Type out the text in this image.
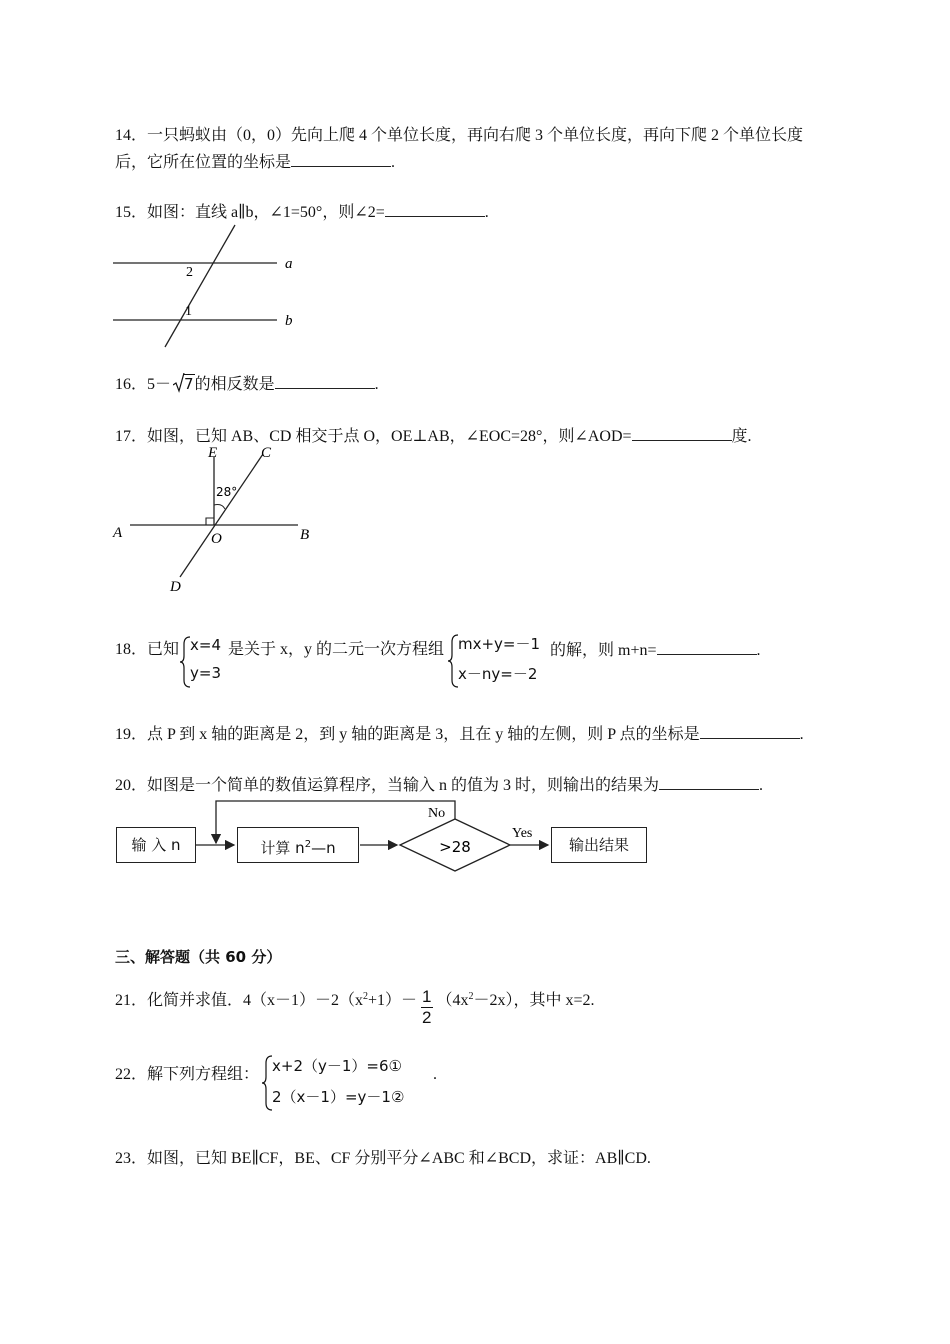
14．一只蚂蚁由（0，0）先向上爬 4 个单位长度，再向右爬 3 个单位长度，再向下爬 2 个单位长度
后，它所在位置的坐标是	.
15．如图：直线 a∥b，∠1=50°，则∠2=	.
a
b
2
1
16．5－ 7的相反数是	.
17．如图，已知 AB、CD 相交于点 O，OE⊥AB，∠EOC=28°，则∠AOD=	度.
E	C
A	O	B
D
28°
18．已知 x=4
y=3
是关于 x，y 的二元一次方程组 mx+y=－1
x－ny=－2
的解，则 m+n=	.
19．点 P 到 x 轴的距离是 2，到 y 轴的距离是 3，且在 y 轴的左侧，则 P 点的坐标是	.
20．如图是一个简单的数值运算程序，当输入 n 的值为 3 时，则输出的结果为	.
>28
No
Yes
输 入 n	计算 $n^2—n$	输出结果
三、解答题（共 60 分）
21．化简并求值．$4(x-1)-2(x^2+1)- \frac{1}{2} (4x^2-2x)$，其中 x=2.
22．解下列方程组： x+2（y－1）=6①
2（x－1）=y－1②
.
23．如图，已知 BE∥CF，BE、CF 分别平分∠ABC 和∠BCD，求证：AB∥CD.
